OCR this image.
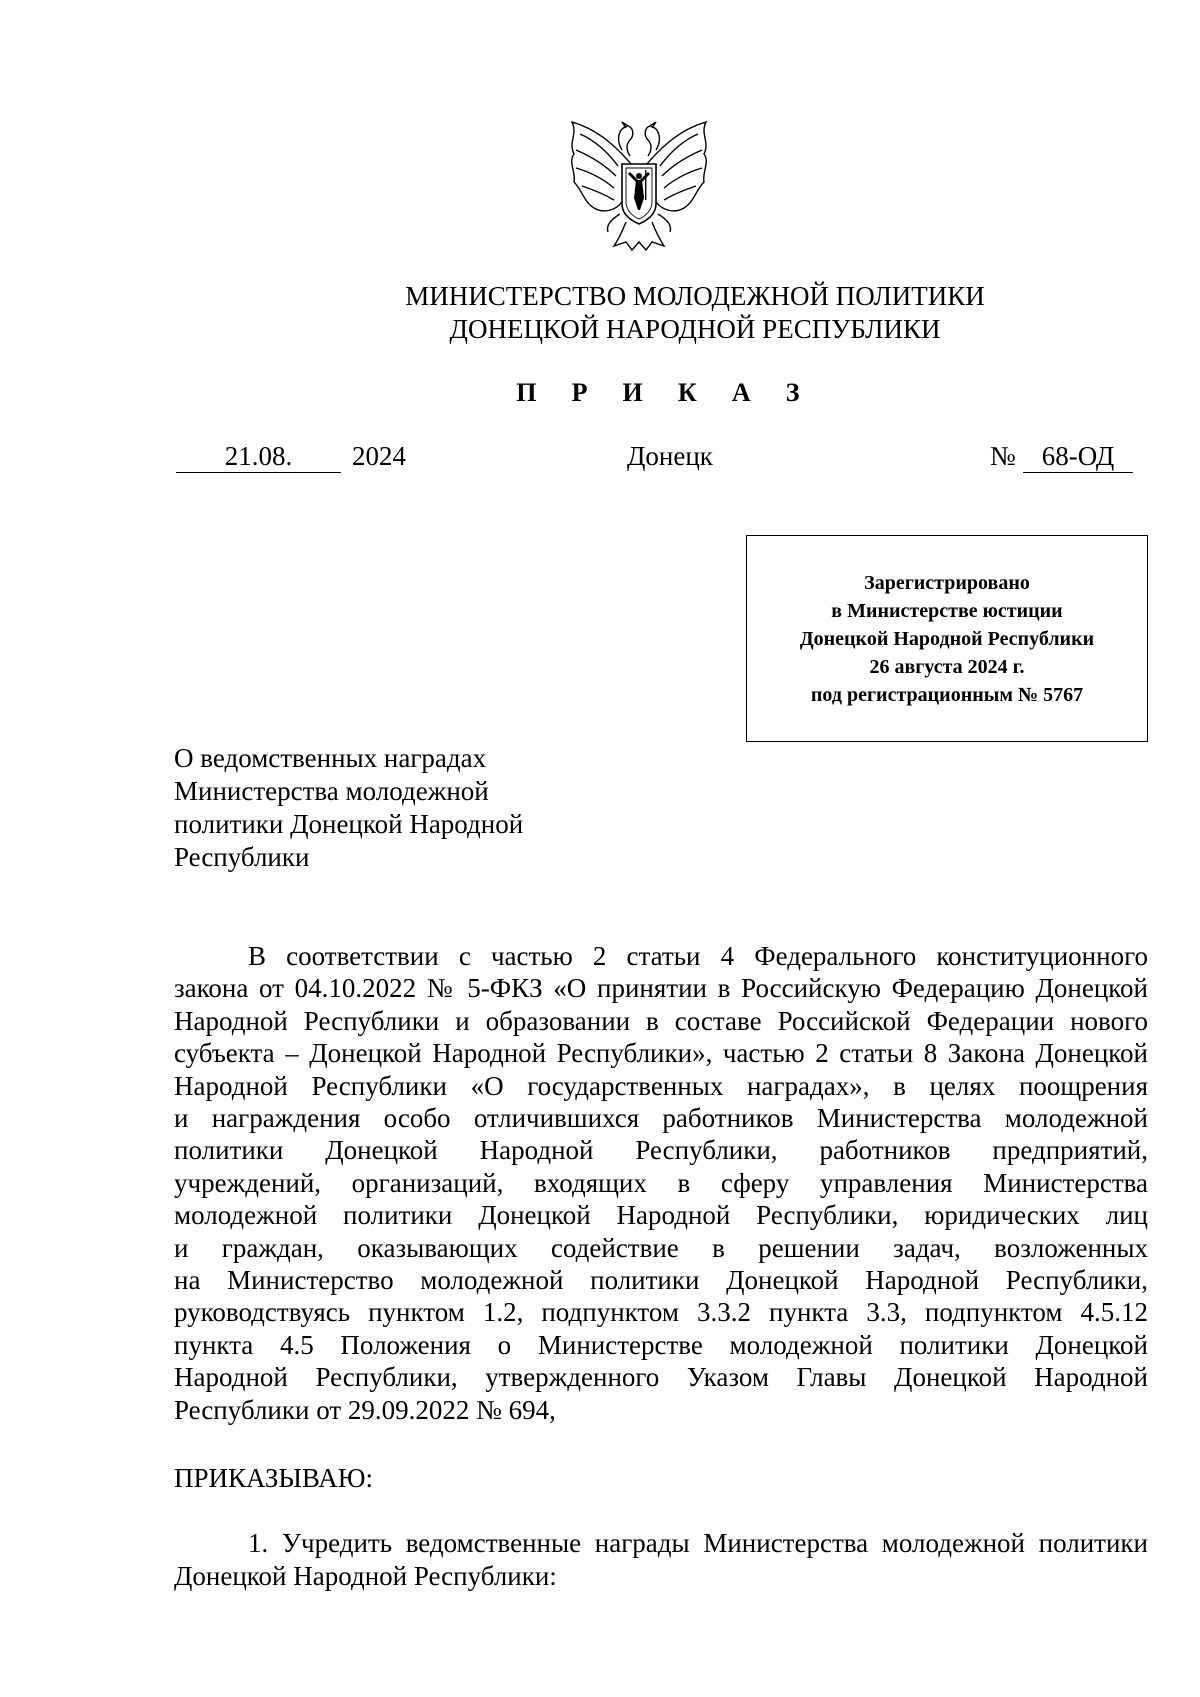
МИНИСТЕРСТВО МОЛОДЕЖНОЙ ПОЛИТИКИ
ДОНЕЦКОЙ НАРОДНОЙ РЕСПУБЛИКИ
П Р И К А З
21.08.	2024	Донецк	№ 68-ОД
Зарегистрировано
в Министерстве юстиции
Донецкой Народной Республики
26 августа 2024 г.
под регистрационным № 5767
О ведомственных наградах
Министерства молодежной
политики Донецкой Народной
Республики
В соответствии с частью 2 статьи 4 Федерального конституционного
закона от 04.10.2022 № 5-ФКЗ «О принятии в Российскую Федерацию Донецкой
Народной Республики и образовании в составе Российской Федерации нового
субъекта – Донецкой Народной Республики», частью 2 статьи 8 Закона Донецкой
Народной Республики «О государственных наградах», в целях поощрения
и награждения особо отличившихся работников Министерства молодежной
политики Донецкой Народной Республики, работников предприятий,
учреждений, организаций, входящих в сферу управления Министерства
молодежной политики Донецкой Народной Республики, юридических лиц
и граждан, оказывающих содействие в решении задач, возложенных
на Министерство молодежной политики Донецкой Народной Республики,
руководствуясь пунктом 1.2, подпунктом 3.3.2 пункта 3.3, подпунктом 4.5.12
пункта 4.5 Положения о Министерстве молодежной политики Донецкой
Народной Республики, утвержденного Указом Главы Донецкой Народной
Республики от 29.09.2022 № 694,
ПРИКАЗЫВАЮ:
1. Учредить ведомственные награды Министерства молодежной политики
Донецкой Народной Республики:
